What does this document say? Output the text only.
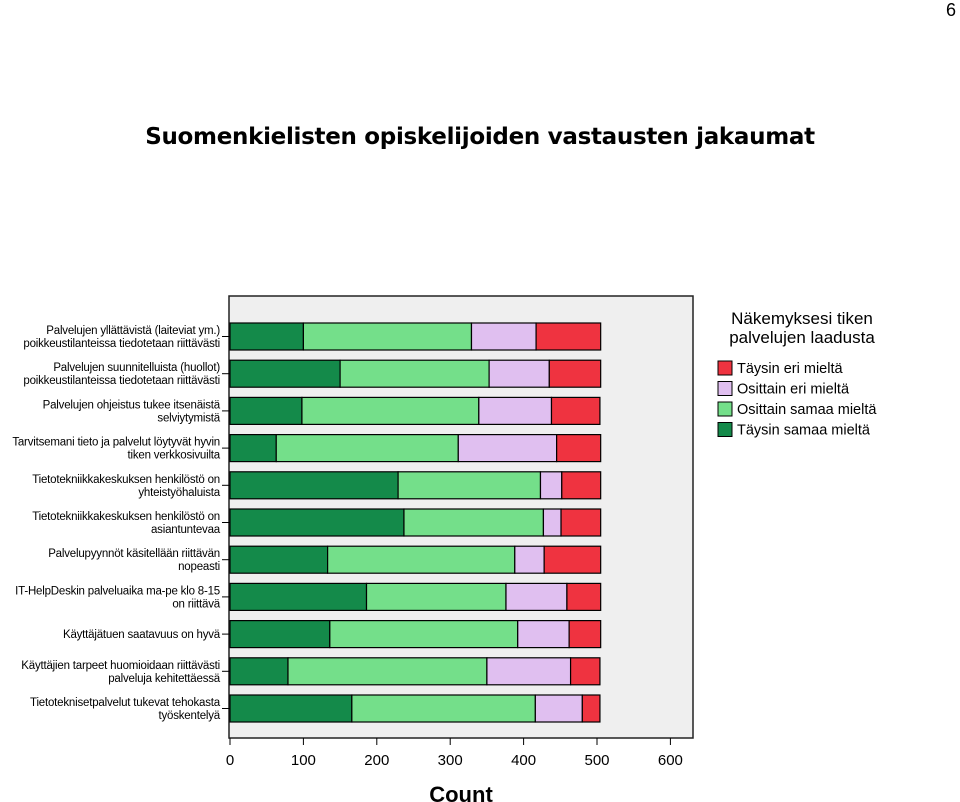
6
Suomenkielisten opiskelijoiden vastausten jakaumat
Palvelujen yllättävistä (laiteviat ym.)
poikkeustilanteissa tiedotetaan riittävästi
Palvelujen suunnitelluista (huollot)
poikkeustilanteissa tiedotetaan riittävästi
Palvelujen ohjeistus tukee itsenäistä
selviytymistä
Tarvitsemani tieto ja palvelut löytyvät hyvin
tiken verkkosivuilta
Tietotekniikkakeskuksen henkilöstö on
yhteistyöhaluista
Tietotekniikkakeskuksen henkilöstö on
asiantuntevaa
Palvelupyynnöt käsitellään riittävän
nopeasti
IT-HelpDeskin palveluaika ma-pe klo 8-15
on riittävä
Käyttäjätuen saatavuus on hyvä
Käyttäjien tarpeet huomioidaan riittävästi
palveluja kehitettäessä
Tietoteknisetpalvelut tukevat tehokasta
työskentelyä
0	100	200	300	400	500	600
Count
Näkemyksesi tiken palvelujen laadusta
Täysin eri mieltä
Osittain eri mieltä
Osittain samaa mieltä
Täysin samaa mieltä
